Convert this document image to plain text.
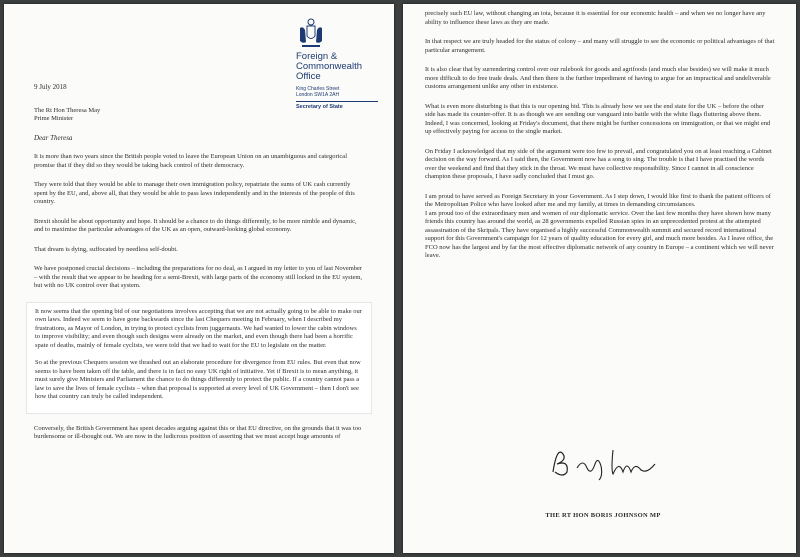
Foreign &
Commonwealth
Office
King Charles Street
London SW1A 2AH
Secretary of State
9 July 2018
The Rt Hon Theresa May
Prime Minister
Dear Theresa

It is more than two years since the British people voted to leave the European Union on an unambiguous and categorical promise that if they did so they would be taking back control of their democracy.

They were told that they would be able to manage their own immigration policy, repatriate the sums of UK cash currently spent by the EU, and, above all, that they would be able to pass laws independently and in the interests of the people of this country.

Brexit should be about opportunity and hope. It should be a chance to do things differently, to be more nimble and dynamic, and to maximise the particular advantages of the UK as an open, outward-looking global economy.

That dream is dying, suffocated by needless self-doubt.

We have postponed crucial decisions – including the preparations for no deal, as I argued in my letter to you of last November – with the result that we appear to be heading for a semi-Brexit, with large parts of the economy still locked in the EU system, but with no UK control over that system.

It now seems that the opening bid of our negotiations involves accepting that we are not actually going to be able to make our own laws. Indeed we seem to have gone backwards since the last Chequers meeting in February, when I described my frustrations, as Mayor of London, in trying to protect cyclists from juggernauts. We had wanted to lower the cabin windows to improve visibility; and even though such designs were already on the market, and even though there had been a horrific spate of deaths, mainly of female cyclists, we were told that we had to wait for the EU to legislate on the matter.

So at the previous Chequers session we thrashed out an elaborate procedure for divergence from EU rules. But even that now seems to have been taken off the table, and there is in fact no easy UK right of initiative. Yet if Brexit is to mean anything, it must surely give Ministers and Parliament the chance to do things differently to protect the public. If a country cannot pass a law to save the lives of female cyclists – when that proposal is supported at every level of UK Government – then I don't see how that country can truly be called independent.

Conversely, the British Government has spent decades arguing against this or that EU directive, on the grounds that it was too burdensome or ill-thought out. We are now in the ludicrous position of asserting that we must accept huge amounts of

precisely such EU law, without changing an iota, because it is essential for our economic health – and when we no longer have any ability to influence these laws as they are made.

In that respect we are truly headed for the status of colony – and many will struggle to see the economic or political advantages of that particular arrangement.

It is also clear that by surrendering control over our rulebook for goods and agrifoods (and much else besides) we will make it much more difficult to do free trade deals. And then there is the further impediment of having to argue for an impractical and undeliverable customs arrangement unlike any other in existence.

What is even more disturbing is that this is our opening bid. This is already how we see the end state for the UK – before the other side has made its counter-offer. It is as though we are sending our vanguard into battle with the white flags fluttering above them. Indeed, I was concerned, looking at Friday's document, that there might be further concessions on immigration, or that we might end up effectively paying for access to the single market.

On Friday I acknowledged that my side of the argument were too few to prevail, and congratulated you on at least reaching a Cabinet decision on the way forward. As I said then, the Government now has a song to sing. The trouble is that I have practised the words over the weekend and find that they stick in the throat. We must have collective responsibility. Since I cannot in all conscience champion these proposals, I have sadly concluded that I must go.

I am proud to have served as Foreign Secretary in your Government. As I step down, I would like first to thank the patient officers of the Metropolitan Police who have looked after me and my family, at times in demanding circumstances.
I am proud too of the extraordinary men and women of our diplomatic service. Over the last few months they have shown how many friends this country has around the world, as 28 governments expelled Russian spies in an unprecedented protest at the attempted assassination of the Skripals. They have organised a highly successful Commonwealth summit and secured record international support for this Government's campaign for 12 years of quality education for every girl, and much more besides. As I leave office, the FCO now has the largest and by far the most effective diplomatic network of any country in Europe – a continent which we will never leave.

THE RT HON BORIS JOHNSON MP
